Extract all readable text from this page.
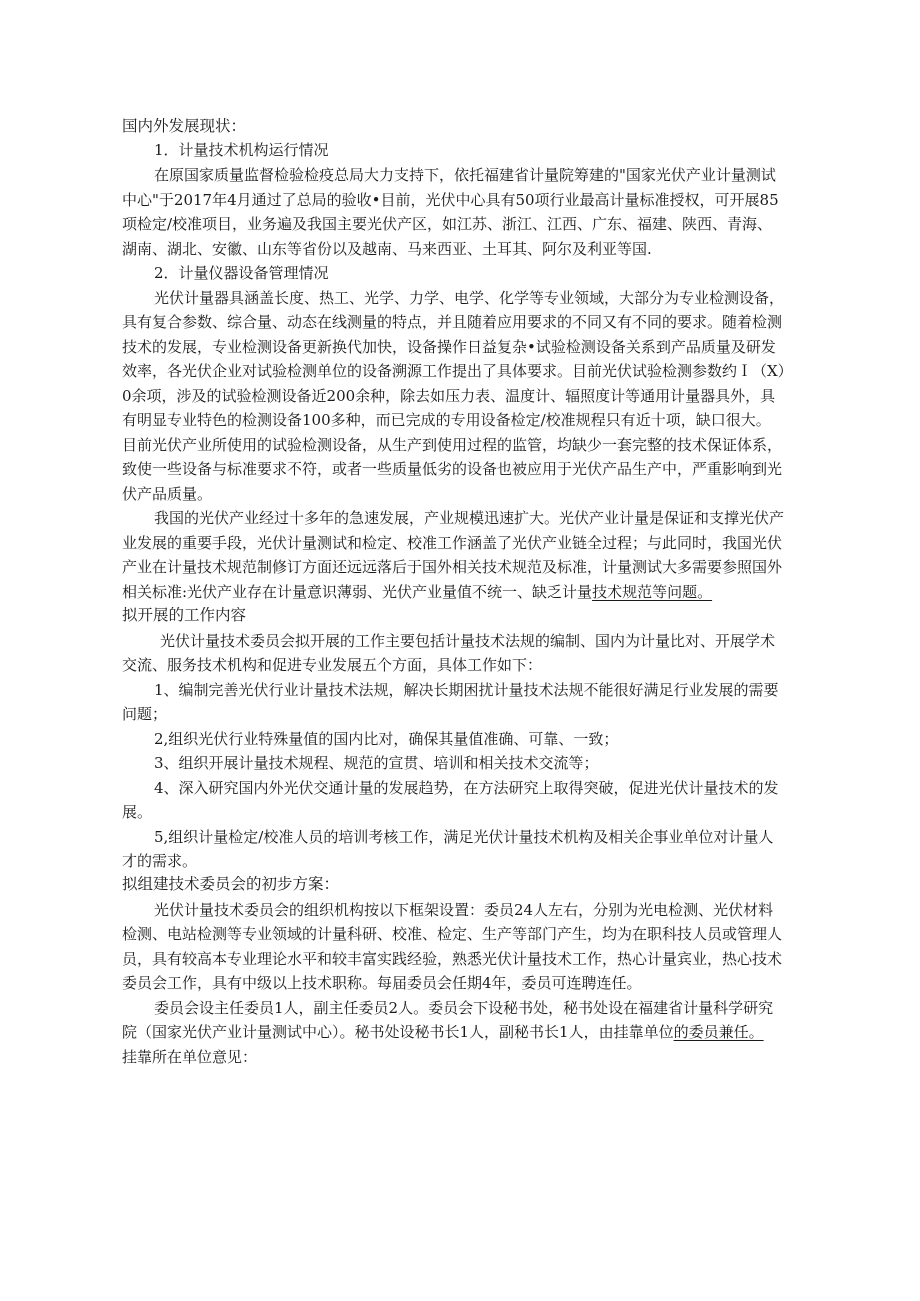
国内外发展现状：
1．计量技术机构运行情况
在原国家质量监督检验检疫总局大力支持下，依托福建省计量院筹建的"国家光伏产业计量测试
中心"于2017年4月通过了总局的验收•目前，光伏中心具有50项行业最高计量标准授权，可开展85
项检定/校准项目，业务遍及我国主要光伏产区，如江苏、浙江、江西、广东、福建、陕西、青海、
湖南、湖北、安徽、山东等省份以及越南、马来西亚、土耳其、阿尔及利亚等国.
2．计量仪器设备管理情况
光伏计量器具涵盖长度、热工、光学、力学、电学、化学等专业领域，大部分为专业检测设备，
具有复合参数、综合量、动态在线测量的特点，并且随着应用要求的不同又有不同的要求。随着检测
技术的发展，专业检测设备更新换代加快，设备操作日益复杂•试验检测设备关系到产品质量及研发
效率，各光伏企业对试验检测单位的设备溯源工作提出了具体要求。目前光伏试验检测参数约Ｉ（X）
0余项，涉及的试验检测设备近200余种，除去如压力表、温度计、辐照度计等通用计量器具外，具
有明显专业特色的检测设备100多种，而已完成的专用设备检定/校准规程只有近十项，缺口很大。
目前光伏产业所使用的试验检测设备，从生产到使用过程的监管，均缺少一套完整的技术保证体系，
致使一些设备与标准要求不符，或者一些质量低劣的设备也被应用于光伏产品生产中，严重影响到光
伏产品质量。
我国的光伏产业经过十多年的急速发展，产业规模迅速扩大。光伏产业计量是保证和支撑光伏产
业发展的重要手段，光伏计量测试和检定、校准工作涵盖了光伏产业链全过程；与此同时，我国光伏
产业在计量技术规范制修订方面还远远落后于国外相关技术规范及标准，计量测试大多需要参照国外
相关标准:光伏产业存在计量意识薄弱、光伏产业量值不统一、缺乏计量技术规范等问题。
拟开展的工作内容
光伏计量技术委员会拟开展的工作主要包括计量技术法规的编制、国内为计量比对、开展学术
交流、服务技术机构和促进专业发展五个方面，具体工作如下：
1、编制完善光伏行业计量技术法规，解决长期困扰计量技术法规不能很好满足行业发展的需要
问题；
2,组织光伏行业特殊量值的国内比对，确保其量值准确、可靠、一致；
3、组织开展计量技术规程、规范的宣贯、培训和相关技术交流等；
4、深入研究国内外光伏交通计量的发展趋势，在方法研究上取得突破，促进光伏计量技术的发
展。
5,组织计量检定/校准人员的培训考核工作，满足光伏计量技术机构及相关企事业单位对计量人
才的需求。
拟组建技术委员会的初步方案：
光伏计量技术委员会的组织机构按以下框架设置：委员24人左右，分别为光电检测、光伏材料
检测、电站检测等专业领域的计量科研、校准、检定、生产等部门产生，均为在职科技人员或管理人
员，具有较高本专业理论水平和较丰富实践经验，熟悉光伏计量技术工作，热心计量宾业，热心技术
委员会工作，具有中级以上技术职称。每届委员会任期4年，委员可连聘连任。
委员会设主任委员1人，副主任委员2人。委员会下设秘书处，秘书处设在福建省计量科学研究
院（国家光伏产业计量测试中心）。秘书处设秘书长1人，副秘书长1人，由挂靠单位的委员兼任。
挂靠所在单位意见：
